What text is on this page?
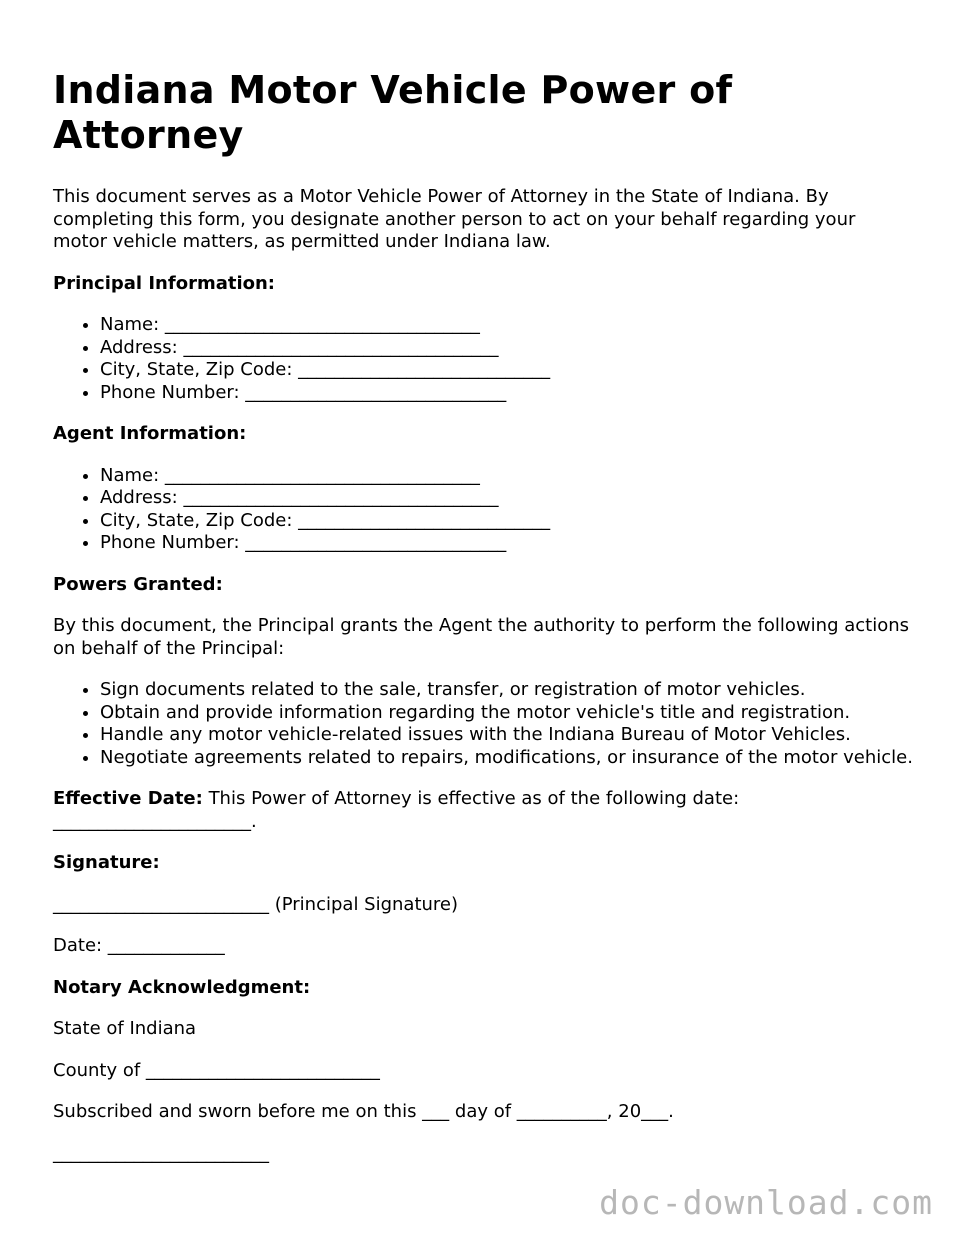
Indiana Motor Vehicle Power of Attorney

This document serves as a Motor Vehicle Power of Attorney in the State of Indiana. By completing this form, you designate another person to act on your behalf regarding your motor vehicle matters, as permitted under Indiana law.

Principal Information:

• Name: ___________________________________
• Address: ___________________________________
• City, State, Zip Code: ____________________________
• Phone Number: _____________________________

Agent Information:

• Name: ___________________________________
• Address: ___________________________________
• City, State, Zip Code: ____________________________
• Phone Number: _____________________________

Powers Granted:

By this document, the Principal grants the Agent the authority to perform the following actions on behalf of the Principal:

• Sign documents related to the sale, transfer, or registration of motor vehicles.
• Obtain and provide information regarding the motor vehicle's title and registration.
• Handle any motor vehicle-related issues with the Indiana Bureau of Motor Vehicles.
• Negotiate agreements related to repairs, modifications, or insurance of the motor vehicle.

Effective Date: This Power of Attorney is effective as of the following date: ______________________.

Signature:

________________________ (Principal Signature)

Date: _____________

Notary Acknowledgment:

State of Indiana

County of __________________________

Subscribed and sworn before me on this ___ day of __________, 20___.

________________________

doc-download.com
